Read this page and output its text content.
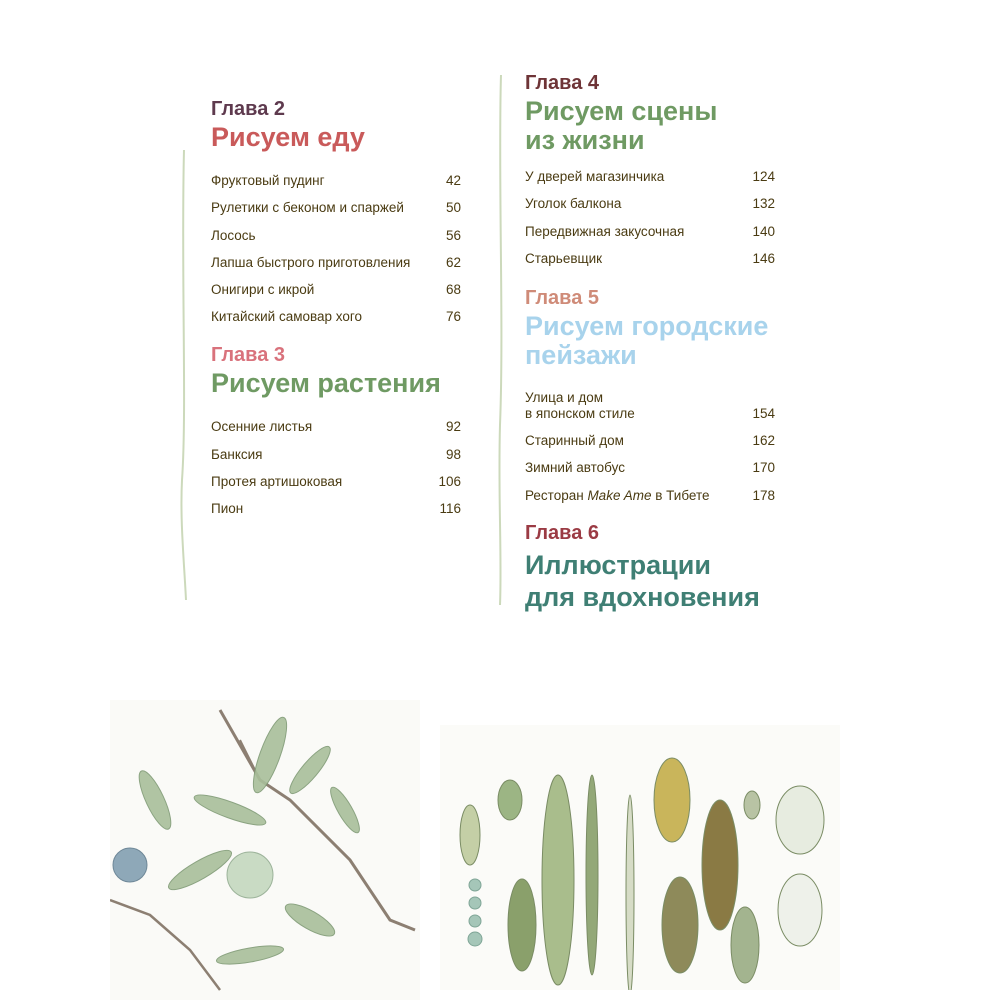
Глава 2
Рисуем еду
Фруктовый пудинг	42
Рулетики с беконом и спаржей	50
Лосось	56
Лапша быстрого приготовления	62
Онигири с икрой	68
Китайский самовар хого	76
Глава 3
Рисуем растения
Осенние листья	92
Банксия	98
Протея артишоковая	106
Пион	116
Глава 4
Рисуем сцены
из жизни
У дверей магазинчика	124
Уголок балкона	132
Передвижная закусочная	140
Старьевщик	146
Глава 5
Рисуем городские
пейзажи
Улица и дом
в японском стиле	154
Старинный дом	162
Зимний автобус	170
Ресторан Make Ame в Тибете	178
Глава 6
Иллюстрации
для вдохновения
